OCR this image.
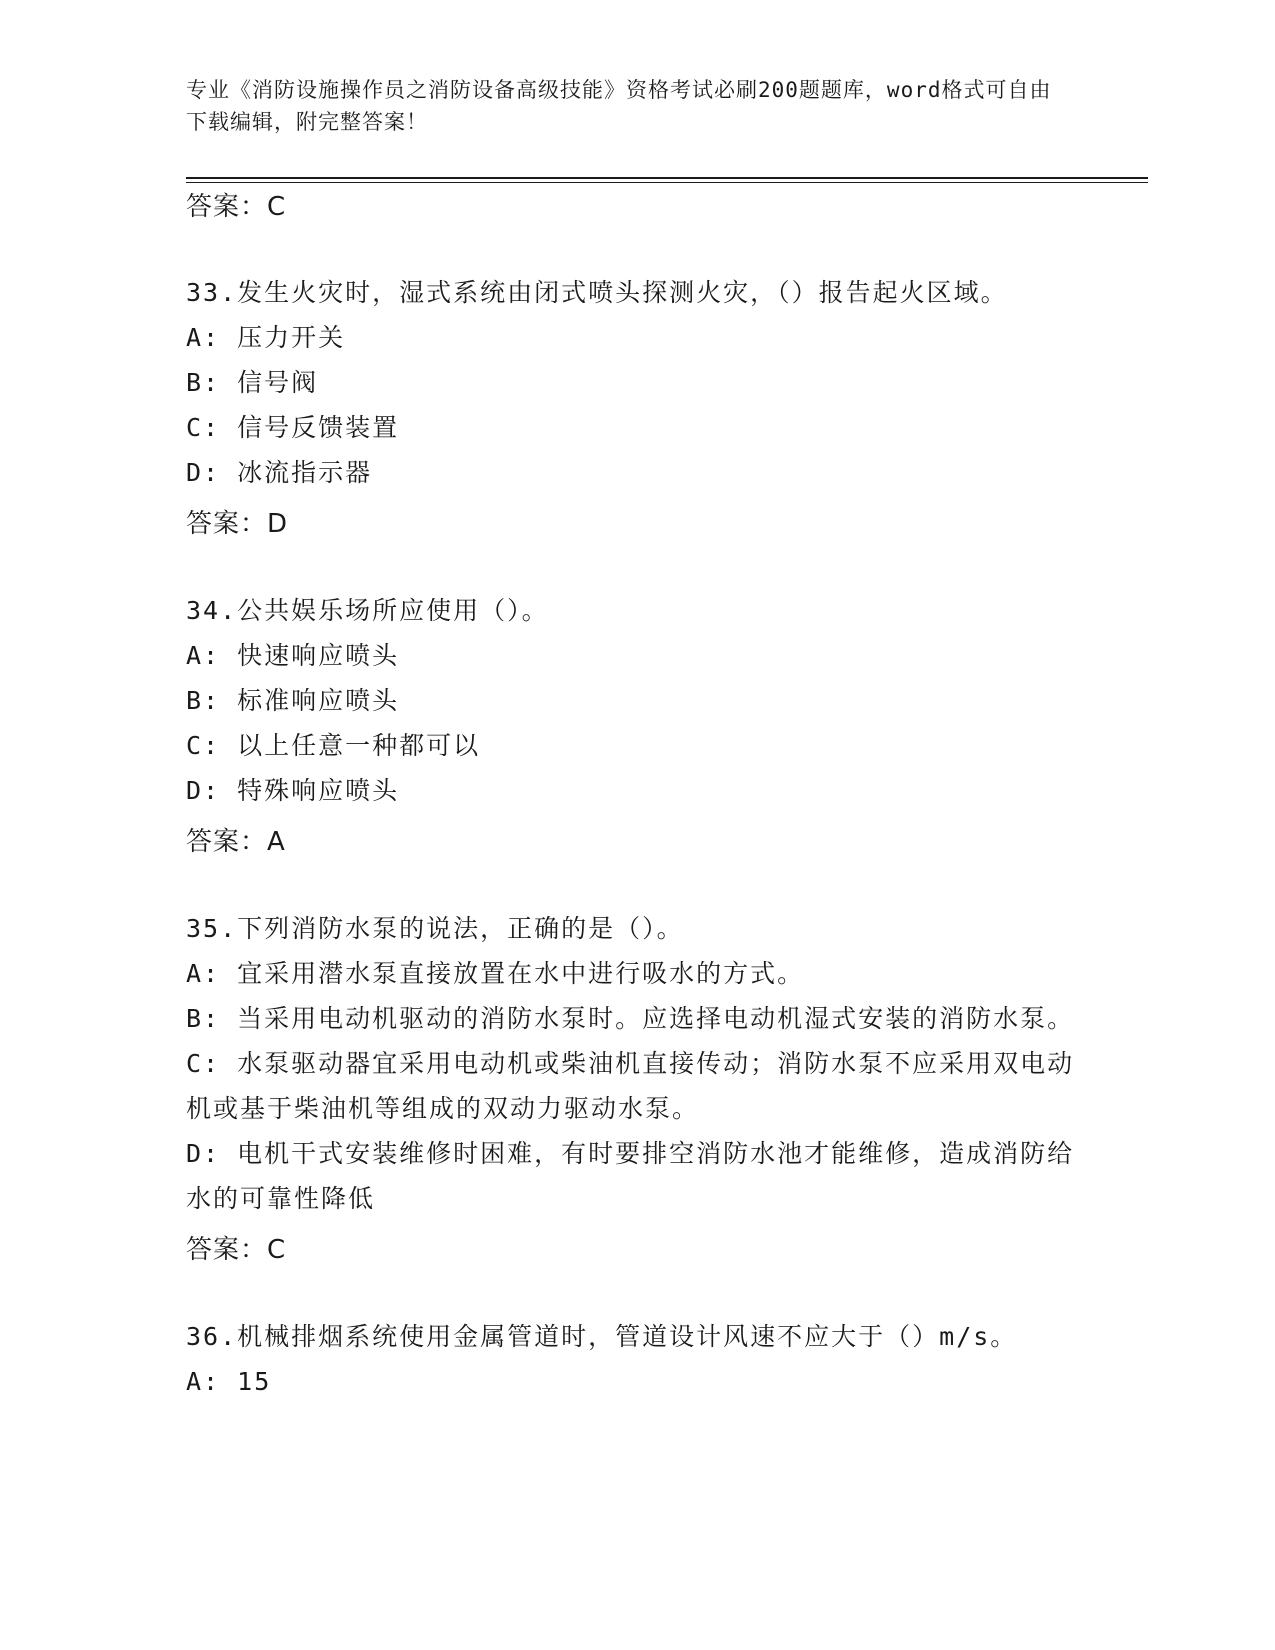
专业《消防设施操作员之消防设备高级技能》资格考试必刷200题题库，word格式可自由下载编辑，附完整答案！
答案：C
33.发生火灾时，湿式系统由闭式喷头探测火灾，（）报告起火区域。
A: 压力开关
B: 信号阀
C: 信号反馈装置
D: 冰流指示器
答案：D
34.公共娱乐场所应使用（）。
A: 快速响应喷头
B: 标准响应喷头
C: 以上任意一种都可以
D: 特殊响应喷头
答案：A
35.下列消防水泵的说法，正确的是（）。
A: 宜采用潜水泵直接放置在水中进行吸水的方式。
B: 当采用电动机驱动的消防水泵时。应选择电动机湿式安装的消防水泵。
C: 水泵驱动器宜采用电动机或柴油机直接传动；消防水泵不应采用双电动机或基于柴油机等组成的双动力驱动水泵。
D: 电机干式安装维修时困难，有时要排空消防水池才能维修，造成消防给水的可靠性降低
答案：C
36.机械排烟系统使用金属管道时，管道设计风速不应大于（）m/s。
A: 15
